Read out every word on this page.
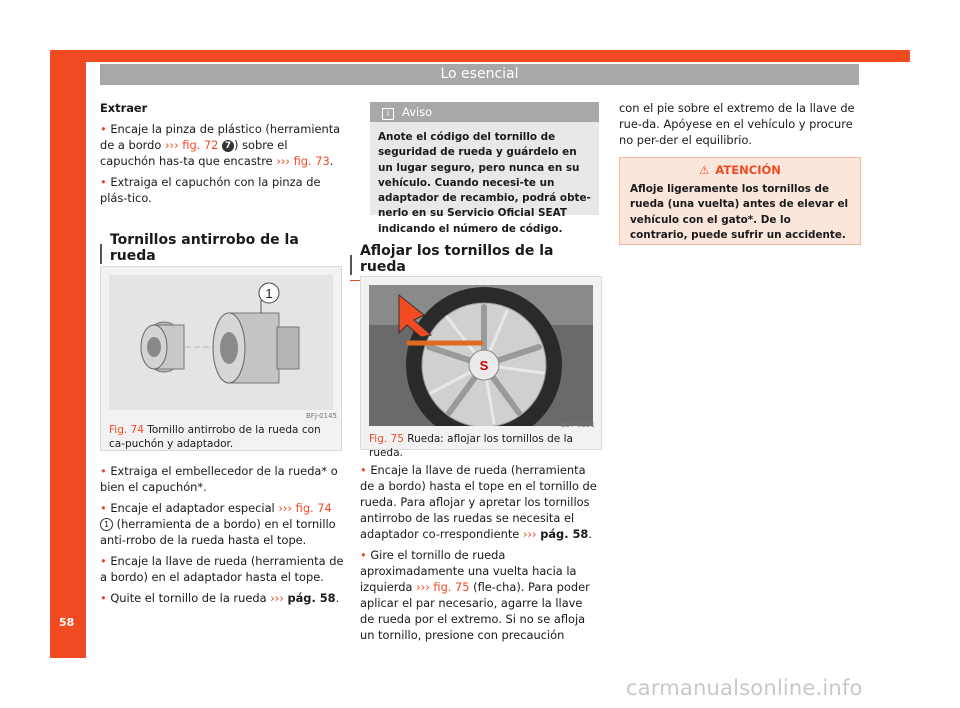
Lo esencial
58

Extraer

• Encaje la pinza de plástico (herramienta de a bordo ››› fig. 72 7 ) sobre el capuchón has-ta que encastre ››› fig. 73.

• Extraiga el capuchón con la pinza de plás-tico.

Tornillos antirrobo de la rueda

1
BFJ-0145
Fig. 74 Tornillo antirrobo de la rueda con ca-puchón y adaptador.

• Extraiga el embellecedor de la rueda* o bien el capuchón*.

• Encaje el adaptador especial ››› fig. 74 1 (herramienta de a bordo) en el tornillo anti-rrobo de la rueda hasta el tope.

• Encaje la llave de rueda (herramienta de a bordo) en el adaptador hasta el tope.

• Quite el tornillo de la rueda ››› pág. 58.

i Aviso
Anote el código del tornillo de seguridad de rueda y guárdelo en un lugar seguro, pero nunca en su vehículo. Cuando necesi-te un adaptador de recambio, podrá obte-nerlo en su Servicio Oficial SEAT indicando el número de código.

Aflojar los tornillos de la rueda

S
B57-0251
Fig. 75 Rueda: aflojar los tornillos de la rueda.

• Encaje la llave de rueda (herramienta de a bordo) hasta el tope en el tornillo de rueda. Para aflojar y apretar los tornillos antirrobo de las ruedas se necesita el adaptador co-rrespondiente ››› pág. 58.

• Gire el tornillo de rueda aproximadamente una vuelta hacia la izquierda ››› fig. 75 (fle-cha). Para poder aplicar el par necesario, agarre la llave de rueda por el extremo. Si no se afloja un tornillo, presione con precaución

con el pie sobre el extremo de la llave de rue-da. Apóyese en el vehículo y procure no per-der el equilibrio.

⚠ ATENCIÓN
Afloje ligeramente los tornillos de rueda (una vuelta) antes de elevar el vehículo con el gato*. De lo contrario, puede sufrir un accidente.
carmanualsonline.info
